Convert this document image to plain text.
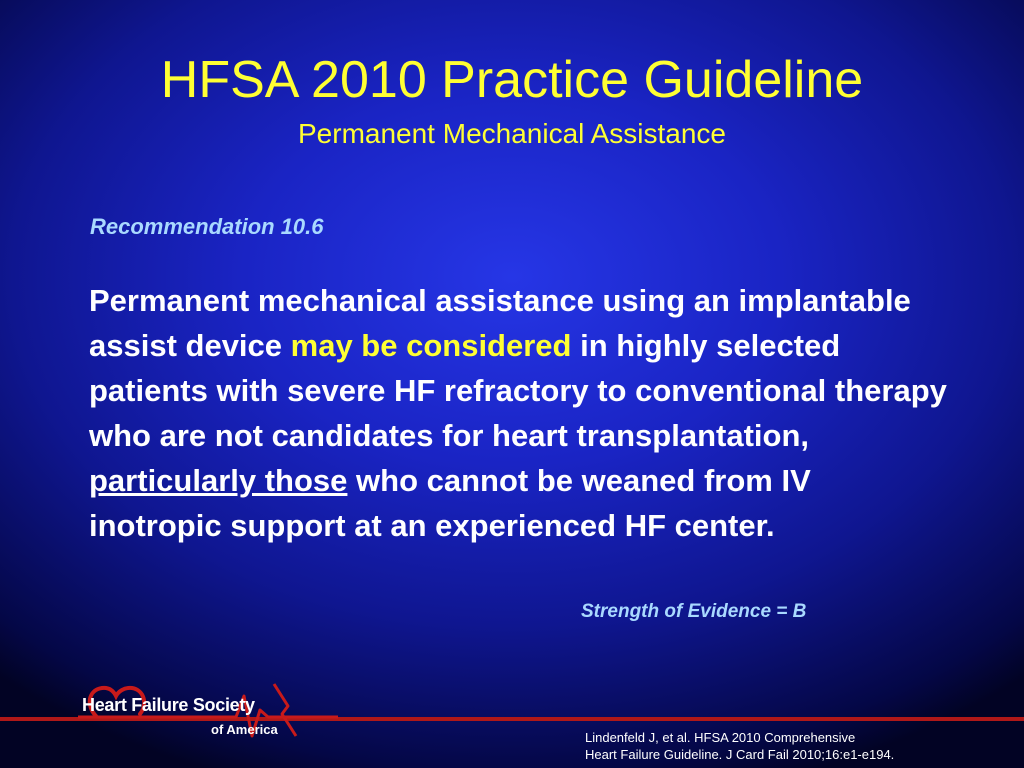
HFSA 2010 Practice Guideline
Permanent Mechanical Assistance
Recommendation 10.6

Permanent mechanical assistance using an implantable assist device may be considered in highly selected patients with severe HF refractory to conventional therapy who are not candidates for heart transplantation, particularly those who cannot be weaned from IV inotropic support at an experienced HF center.

Strength of Evidence = B
Heart Failure Society
of America
Lindenfeld J, et al. HFSA 2010 Comprehensive
Heart Failure Guideline. J Card Fail 2010;16:e1-e194.
